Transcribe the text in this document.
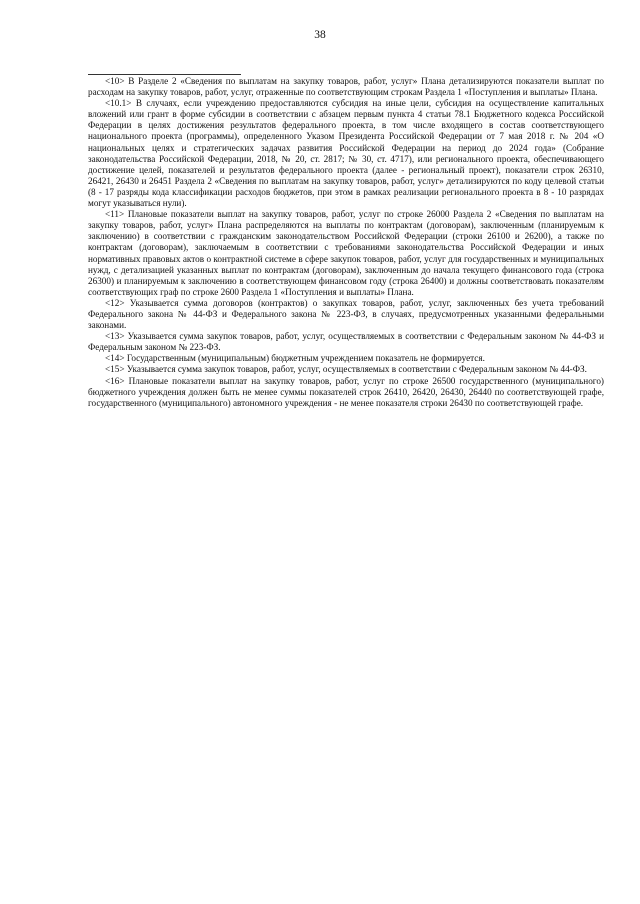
38

<10> В Разделе 2 «Сведения по выплатам на закупку товаров, работ, услуг» Плана детализируются показатели выплат по расходам на закупку товаров, работ, услуг, отраженные по соответствующим строкам Раздела 1 «Поступления и выплаты» Плана.

<10.1> В случаях, если учреждению предоставляются субсидия на иные цели, субсидия на осуществление капитальных вложений или грант в форме субсидии в соответствии с абзацем первым пункта 4 статьи 78.1 Бюджетного кодекса Российской Федерации в целях достижения результатов федерального проекта, в том числе входящего в состав соответствующего национального проекта (программы), определенного Указом Президента Российской Федерации от 7 мая 2018 г. № 204 «О национальных целях и стратегических задачах развития Российской Федерации на период до 2024 года» (Собрание законодательства Российской Федерации, 2018, № 20, ст. 2817; № 30, ст. 4717), или регионального проекта, обеспечивающего достижение целей, показателей и результатов федерального проекта (далее - региональный проект), показатели строк 26310, 26421, 26430 и 26451 Раздела 2 «Сведения по выплатам на закупку товаров, работ, услуг» детализируются по коду целевой статьи (8 - 17 разряды кода классификации расходов бюджетов, при этом в рамках реализации регионального проекта в 8 - 10 разрядах могут указываться нули).

<11> Плановые показатели выплат на закупку товаров, работ, услуг по строке 26000 Раздела 2 «Сведения по выплатам на закупку товаров, работ, услуг» Плана распределяются на выплаты по контрактам (договорам), заключенным (планируемым к заключению) в соответствии с гражданским законодательством Российской Федерации (строки 26100 и 26200), а также по контрактам (договорам), заключаемым в соответствии с требованиями законодательства Российской Федерации и иных нормативных правовых актов о контрактной системе в сфере закупок товаров, работ, услуг для государственных и муниципальных нужд, с детализацией указанных выплат по контрактам (договорам), заключенным до начала текущего финансового года (строка 26300) и планируемым к заключению в соответствующем финансовом году (строка 26400) и должны соответствовать показателям соответствующих граф по строке 2600 Раздела 1 «Поступления и выплаты» Плана.

<12> Указывается сумма договоров (контрактов) о закупках товаров, работ, услуг, заключенных без учета требований Федерального закона № 44-ФЗ и Федерального закона № 223-ФЗ, в случаях, предусмотренных указанными федеральными законами.

<13> Указывается сумма закупок товаров, работ, услуг, осуществляемых в соответствии с Федеральным законом № 44-ФЗ и Федеральным законом № 223-ФЗ.

<14> Государственным (муниципальным) бюджетным учреждением показатель не формируется.

<15> Указывается сумма закупок товаров, работ, услуг, осуществляемых в соответствии с Федеральным законом № 44-ФЗ.

<16> Плановые показатели выплат на закупку товаров, работ, услуг по строке 26500 государственного (муниципального) бюджетного учреждения должен быть не менее суммы показателей строк 26410, 26420, 26430, 26440 по соответствующей графе, государственного (муниципального) автономного учреждения - не менее показателя строки 26430 по соответствующей графе.
